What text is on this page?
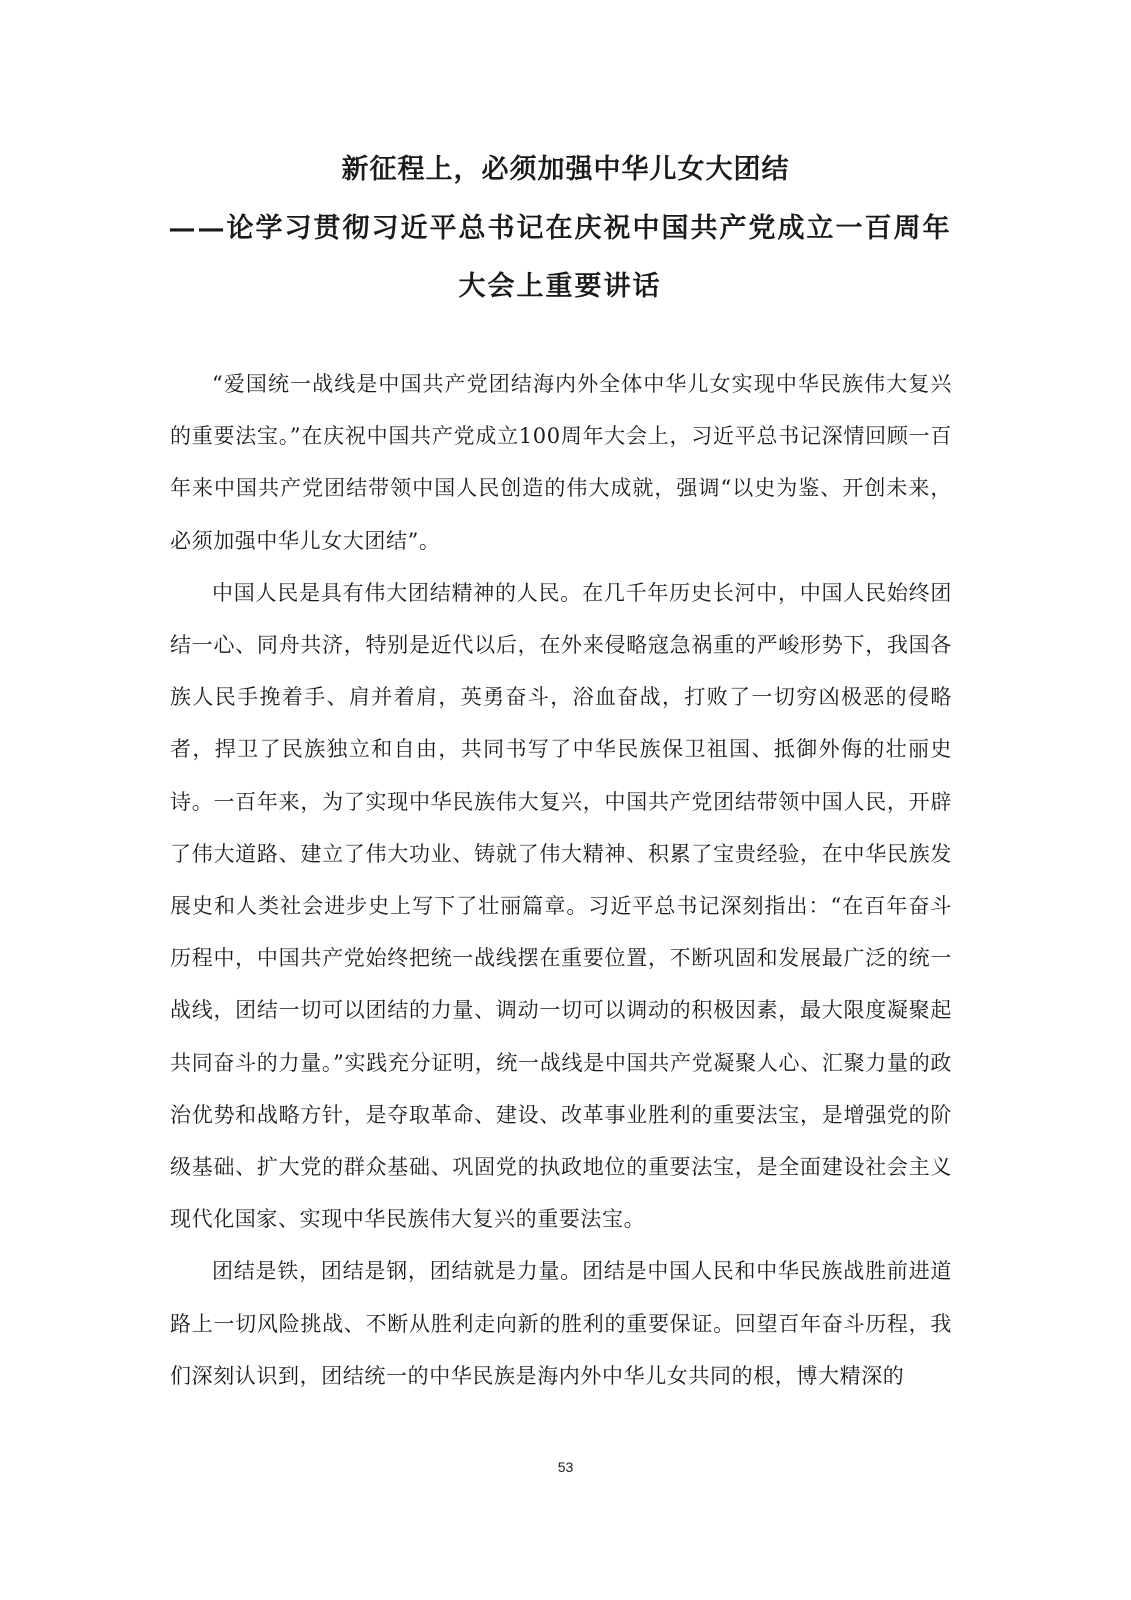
新征程上，必须加强中华儿女大团结
——论学习贯彻习近平总书记在庆祝中国共产党成立一百周年大会上重要讲话

“爱国统一战线是中国共产党团结海内外全体中华儿女实现中华民族伟大复兴的重要法宝。”在庆祝中国共产党成立100周年大会上，习近平总书记深情回顾一百年来中国共产党团结带领中国人民创造的伟大成就，强调“以史为鉴、开创未来，必须加强中华儿女大团结”。

中国人民是具有伟大团结精神的人民。在几千年历史长河中，中国人民始终团结一心、同舟共济，特别是近代以后，在外来侵略寇急祸重的严峻形势下，我国各族人民手挽着手、肩并着肩，英勇奋斗，浴血奋战，打败了一切穷凶极恶的侵略者，捍卫了民族独立和自由，共同书写了中华民族保卫祖国、抵御外侮的壮丽史诗。一百年来，为了实现中华民族伟大复兴，中国共产党团结带领中国人民，开辟了伟大道路、建立了伟大功业、铸就了伟大精神、积累了宝贵经验，在中华民族发展史和人类社会进步史上写下了壮丽篇章。习近平总书记深刻指出：“在百年奋斗历程中，中国共产党始终把统一战线摆在重要位置，不断巩固和发展最广泛的统一战线，团结一切可以团结的力量、调动一切可以调动的积极因素，最大限度凝聚起共同奋斗的力量。”实践充分证明，统一战线是中国共产党凝聚人心、汇聚力量的政治优势和战略方针，是夺取革命、建设、改革事业胜利的重要法宝，是增强党的阶级基础、扩大党的群众基础、巩固党的执政地位的重要法宝，是全面建设社会主义现代化国家、实现中华民族伟大复兴的重要法宝。

团结是铁，团结是钢，团结就是力量。团结是中国人民和中华民族战胜前进道路上一切风险挑战、不断从胜利走向新的胜利的重要保证。回望百年奋斗历程，我们深刻认识到，团结统一的中华民族是海内外中华儿女共同的根，博大精深的

53
